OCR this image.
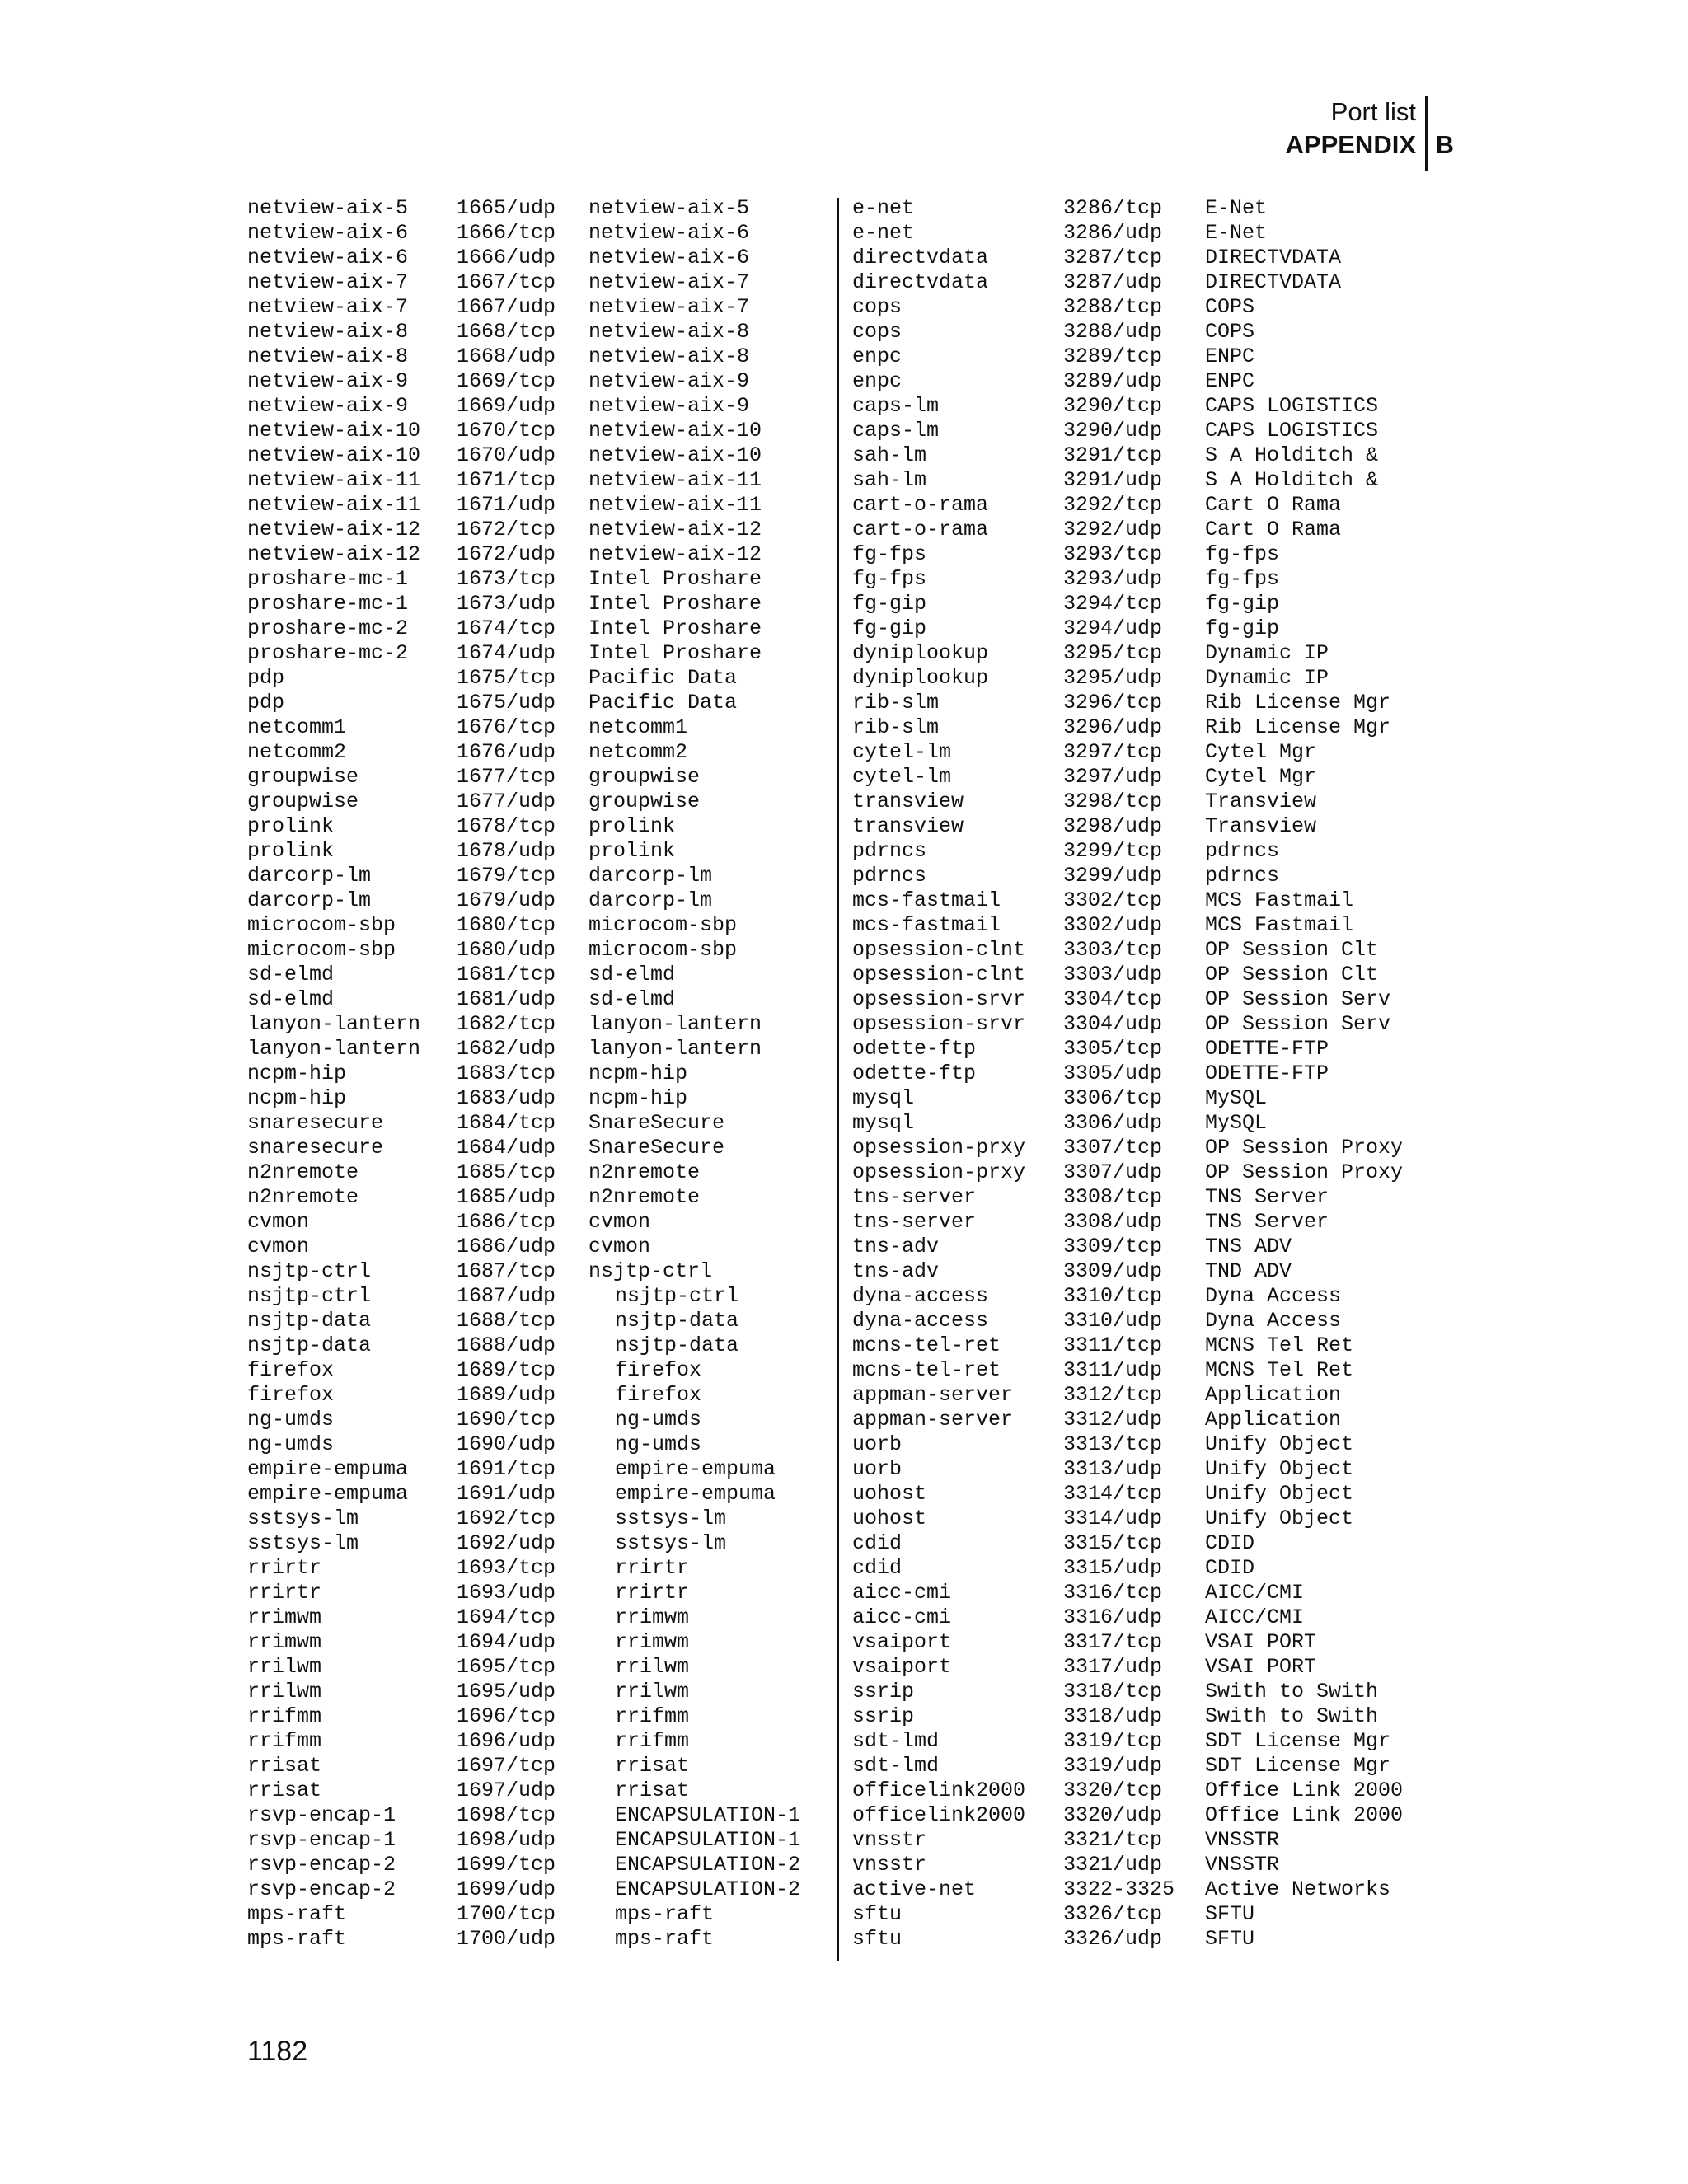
Port list
APPENDIX B
netview-aix-5 1665/udp netview-aix-5
netview-aix-6 1666/tcp netview-aix-6
netview-aix-6 1666/udp netview-aix-6
netview-aix-7 1667/tcp netview-aix-7
netview-aix-7 1667/udp netview-aix-7
netview-aix-8 1668/tcp netview-aix-8
netview-aix-8 1668/udp netview-aix-8
netview-aix-9 1669/tcp netview-aix-9
netview-aix-9 1669/udp netview-aix-9
netview-aix-10 1670/tcp netview-aix-10
netview-aix-10 1670/udp netview-aix-10
netview-aix-11 1671/tcp netview-aix-11
netview-aix-11 1671/udp netview-aix-11
netview-aix-12 1672/tcp netview-aix-12
netview-aix-12 1672/udp netview-aix-12
proshare-mc-1 1673/tcp Intel Proshare
proshare-mc-1 1673/udp Intel Proshare
proshare-mc-2 1674/tcp Intel Proshare
proshare-mc-2 1674/udp Intel Proshare
pdp	1675/tcp Pacific Data
pdp	1675/udp Pacific Data
netcomm1	1676/tcp netcomm1
netcomm2	1676/udp netcomm2
groupwise	1677/tcp groupwise
groupwise	1677/udp groupwise
prolink	1678/tcp prolink
prolink	1678/udp prolink
darcorp-lm	1679/tcp darcorp-lm
darcorp-lm	1679/udp darcorp-lm
microcom-sbp	1680/tcp microcom-sbp
microcom-sbp	1680/udp microcom-sbp
sd-elmd	1681/tcp sd-elmd
sd-elmd	1681/udp sd-elmd
lanyon-lantern 1682/tcp lanyon-lantern
lanyon-lantern 1682/udp lanyon-lantern
ncpm-hip	1683/tcp ncpm-hip
ncpm-hip	1683/udp ncpm-hip
snaresecure	1684/tcp SnareSecure
snaresecure	1684/udp SnareSecure
n2nremote	1685/tcp n2nremote
n2nremote	1685/udp n2nremote
cvmon	1686/tcp cvmon
cvmon	1686/udp cvmon
nsjtp-ctrl	1687/tcp nsjtp-ctrl
nsjtp-ctrl	1687/udp	nsjtp-ctrl
nsjtp-data	1688/tcp	nsjtp-data
nsjtp-data	1688/udp	nsjtp-data
firefox	1689/tcp	firefox
firefox	1689/udp	firefox
ng-umds	1690/tcp	ng-umds
ng-umds	1690/udp	ng-umds
empire-empuma 1691/tcp	empire-empuma
empire-empuma 1691/udp	empire-empuma
sstsys-lm	1692/tcp	sstsys-lm
sstsys-lm	1692/udp	sstsys-lm
rrirtr	1693/tcp	rrirtr
rrirtr	1693/udp	rrirtr
rrimwm	1694/tcp	rrimwm
rrimwm	1694/udp	rrimwm
rrilwm	1695/tcp	rrilwm
rrilwm	1695/udp	rrilwm
rrifmm	1696/tcp	rrifmm
rrifmm	1696/udp	rrifmm
rrisat	1697/tcp	rrisat
rrisat	1697/udp	rrisat
rsvp-encap-1	1698/tcp	ENCAPSULATION-1
rsvp-encap-1	1698/udp	ENCAPSULATION-1
rsvp-encap-2	1699/tcp	ENCAPSULATION-2
rsvp-encap-2	1699/udp	ENCAPSULATION-2
mps-raft	1700/tcp	mps-raft
mps-raft	1700/udp	mps-raft
e-net	3286/tcp E-Net
e-net	3286/udp E-Net
directvdata	3287/tcp DIRECTVDATA
directvdata	3287/udp DIRECTVDATA
cops	3288/tcp COPS
cops	3288/udp COPS
enpc	3289/tcp ENPC
enpc	3289/udp ENPC
caps-lm	3290/tcp CAPS LOGISTICS
caps-lm	3290/udp CAPS LOGISTICS
sah-lm	3291/tcp S A Holditch &
sah-lm	3291/udp S A Holditch &
cart-o-rama	3292/tcp Cart O Rama
cart-o-rama	3292/udp Cart O Rama
fg-fps	3293/tcp fg-fps
fg-fps	3293/udp fg-fps
fg-gip	3294/tcp fg-gip
fg-gip	3294/udp fg-gip
dyniplookup	3295/tcp Dynamic IP
dyniplookup	3295/udp Dynamic IP
rib-slm	3296/tcp Rib License Mgr
rib-slm	3296/udp Rib License Mgr
cytel-lm	3297/tcp Cytel Mgr
cytel-lm	3297/udp Cytel Mgr
transview	3298/tcp Transview
transview	3298/udp Transview
pdrncs	3299/tcp pdrncs
pdrncs	3299/udp pdrncs
mcs-fastmail	3302/tcp MCS Fastmail
mcs-fastmail	3302/udp MCS Fastmail
opsession-clnt 3303/tcp OP Session Clt
opsession-clnt 3303/udp OP Session Clt
opsession-srvr 3304/tcp OP Session Serv
opsession-srvr 3304/udp OP Session Serv
odette-ftp	3305/tcp ODETTE-FTP
odette-ftp	3305/udp ODETTE-FTP
mysql	3306/tcp MySQL
mysql	3306/udp MySQL
opsession-prxy 3307/tcp OP Session Proxy
opsession-prxy 3307/udp OP Session Proxy
tns-server	3308/tcp TNS Server
tns-server	3308/udp TNS Server
tns-adv	3309/tcp TNS ADV
tns-adv	3309/udp TND ADV
dyna-access	3310/tcp Dyna Access
dyna-access	3310/udp Dyna Access
mcns-tel-ret	3311/tcp MCNS Tel Ret
mcns-tel-ret	3311/udp MCNS Tel Ret
appman-server 3312/tcp Application
appman-server 3312/udp Application
uorb	3313/tcp Unify Object
uorb	3313/udp Unify Object
uohost	3314/tcp Unify Object
uohost	3314/udp Unify Object
cdid	3315/tcp CDID
cdid	3315/udp CDID
aicc-cmi	3316/tcp AICC/CMI
aicc-cmi	3316/udp AICC/CMI
vsaiport	3317/tcp VSAI PORT
vsaiport	3317/udp VSAI PORT
ssrip	3318/tcp Swith to Swith
ssrip	3318/udp Swith to Swith
sdt-lmd	3319/tcp SDT License Mgr
sdt-lmd	3319/udp SDT License Mgr
officelink2000 3320/tcp Office Link 2000
officelink2000 3320/udp Office Link 2000
vnsstr	3321/tcp VNSSTR
vnsstr	3321/udp VNSSTR
active-net	3322-3325 Active Networks
sftu	3326/tcp SFTU
sftu	3326/udp SFTU
1182
